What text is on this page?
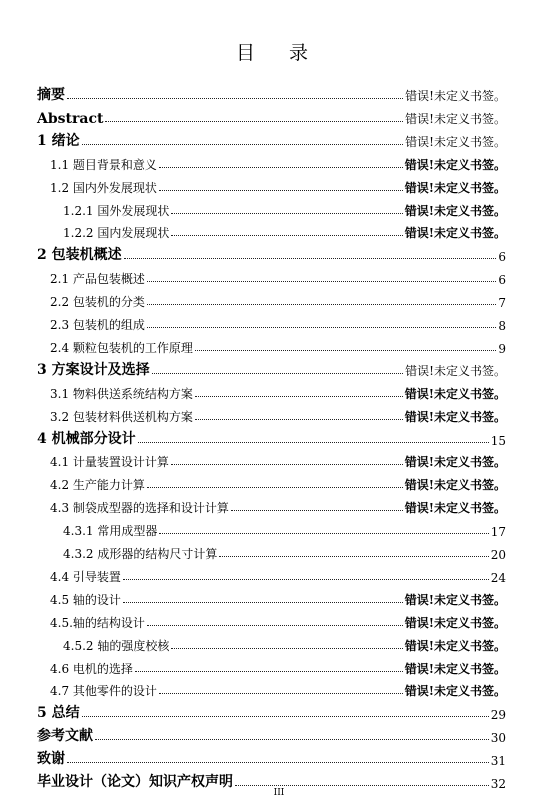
目 录
摘要	错误!未定义书签。
Abstract	错误!未定义书签。
1 绪论	错误!未定义书签。
1.1 题目背景和意义	错误!未定义书签。
1.2 国内外发展现状	错误!未定义书签。
1.2.1 国外发展现状	错误!未定义书签。
1.2.2 国内发展现状	错误!未定义书签。
2 包装机概述	6
2.1 产品包装概述	6
2.2 包装机的分类	7
2.3 包装机的组成	8
2.4 颗粒包装机的工作原理	9
3 方案设计及选择	错误!未定义书签。
3.1 物料供送系统结构方案	错误!未定义书签。
3.2 包装材料供送机构方案	错误!未定义书签。
4 机械部分设计	15
4.1 计量装置设计计算	错误!未定义书签。
4.2 生产能力计算	错误!未定义书签。
4.3 制袋成型器的选择和设计计算	错误!未定义书签。
4.3.1 常用成型器	17
4.3.2 成形器的结构尺寸计算	20
4.4 引导装置	24
4.5 轴的设计	错误!未定义书签。
4.5.轴的结构设计	错误!未定义书签。
4.5.2 轴的强度校核	错误!未定义书签。
4.6 电机的选择	错误!未定义书签。
4.7 其他零件的设计	错误!未定义书签。
5 总结	29
参考文献	30
致谢	31
毕业设计（论文）知识产权声明	32
III
